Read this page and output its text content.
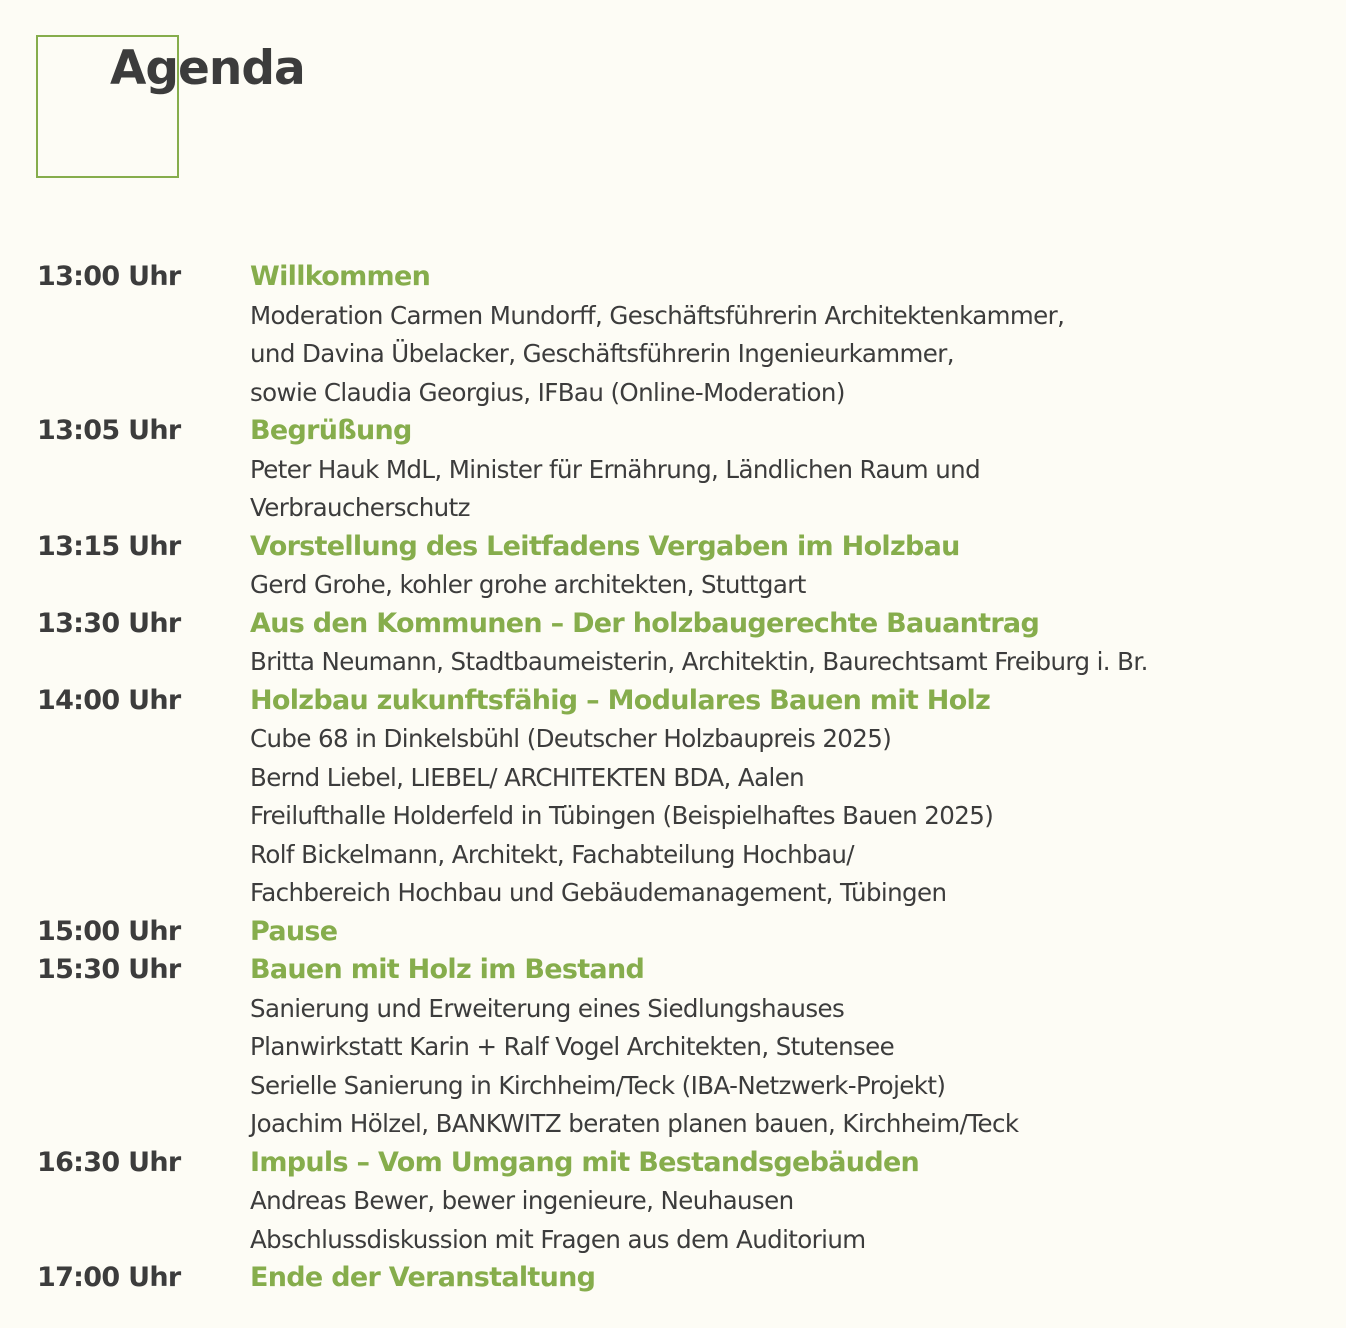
Agenda
13:00 Uhr	Willkommen
Moderation Carmen Mundorff, Geschäftsführerin Architektenkammer,
und Davina Übelacker, Geschäftsführerin Ingenieurkammer,
sowie Claudia Georgius, IFBau (Online-Moderation)
13:05 Uhr	Begrüßung
Peter Hauk MdL, Minister für Ernährung, Ländlichen Raum und
Verbraucherschutz
13:15 Uhr	Vorstellung des Leitfadens Vergaben im Holzbau
Gerd Grohe, kohler grohe architekten, Stuttgart
13:30 Uhr	Aus den Kommunen – Der holzbaugerechte Bauantrag
Britta Neumann, Stadtbaumeisterin, Architektin, Baurechtsamt Freiburg i. Br.
14:00 Uhr	Holzbau zukunftsfähig – Modulares Bauen mit Holz
Cube 68 in Dinkelsbühl (Deutscher Holzbaupreis 2025)
Bernd Liebel, LIEBEL/ ARCHITEKTEN BDA, Aalen
Freilufthalle Holderfeld in Tübingen (Beispielhaftes Bauen 2025)
Rolf Bickelmann, Architekt, Fachabteilung Hochbau/
Fachbereich Hochbau und Gebäudemanagement, Tübingen
15:00 Uhr	Pause
15:30 Uhr	Bauen mit Holz im Bestand
Sanierung und Erweiterung eines Siedlungshauses
Planwirkstatt Karin + Ralf Vogel Architekten, Stutensee
Serielle Sanierung in Kirchheim/Teck (IBA-Netzwerk-Projekt)
Joachim Hölzel, BANKWITZ beraten planen bauen, Kirchheim/Teck
16:30 Uhr	Impuls – Vom Umgang mit Bestandsgebäuden
Andreas Bewer, bewer ingenieure, Neuhausen
Abschlussdiskussion mit Fragen aus dem Auditorium
17:00 Uhr	Ende der Veranstaltung
